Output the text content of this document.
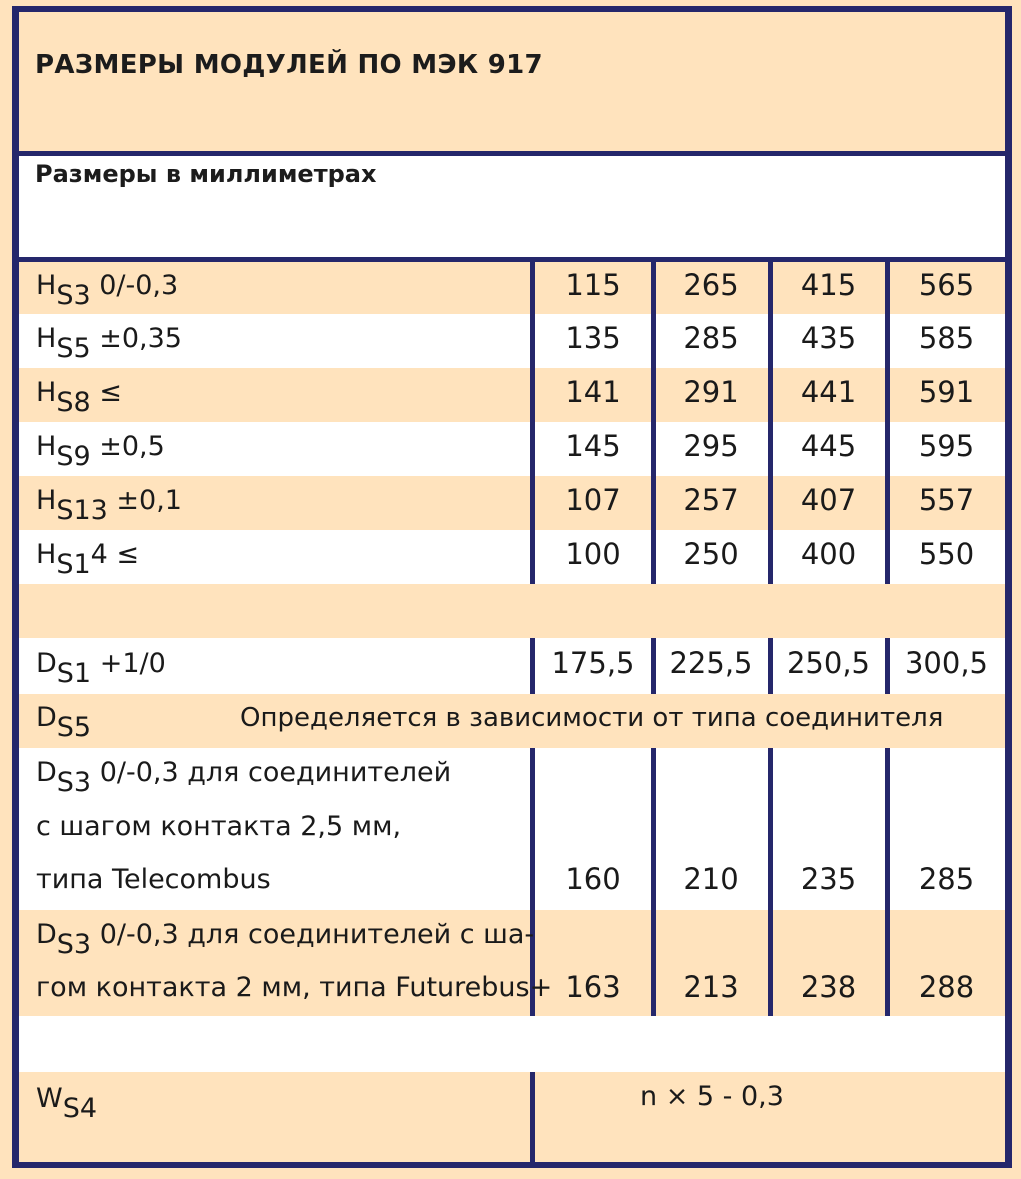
РАЗМЕРЫ МОДУЛЕЙ ПО МЭК 917
Размеры в миллиметрах
$H_{S3}$ 0/-0,3	115	265	415	565
$H_{S5} \pm 0,35$	135	285	435	585
$H_{S8}$ ≤	141	291	441	591
$H_{S9} \pm 0,5$	145	295	445	595
$H_{S13} \pm 0,1$	107	257	407	557
$H_{S1}4$ ≤	100	250	400	550
$D_{S1} +1/0$	175,5	225,5	250,5	300,5
$D_{S5}$	Определяется в зависимости от типа соединителя
$D_{S3}$ 0/-0,3 для соединителей
с шагом контакта 2,5 мм,
типа Telecombus	160	210	235	285
$D_{S3}$ 0/-0,3 для соединителей с ша-
гом контакта 2 мм, типа Futurebus+ 163	213	238	288
$W_{S4}$	n × 5 - 0,3
